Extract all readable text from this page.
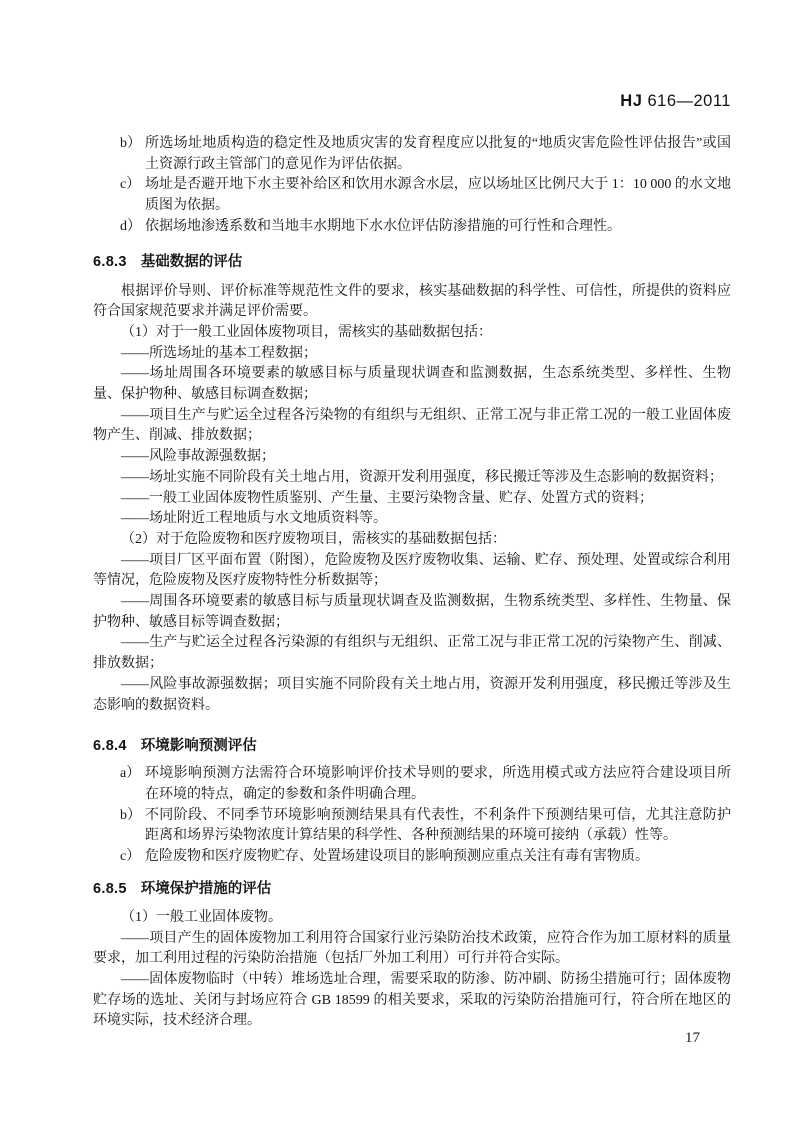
HJ 616—2011
b） 所选场址地质构造的稳定性及地质灾害的发育程度应以批复的“地质灾害危险性评估报告”或国土资源行政主管部门的意见作为评估依据。
c） 场址是否避开地下水主要补给区和饮用水源含水层，应以场址区比例尺大于 1：10 000 的水文地质图为依据。
d） 依据场地渗透系数和当地丰水期地下水水位评估防渗措施的可行性和合理性。
6.8.3 基础数据的评估

根据评价导则、评价标准等规范性文件的要求，核实基础数据的科学性、可信性，所提供的资料应符合国家规范要求并满足评价需要。

（1）对于一般工业固体废物项目，需核实的基础数据包括：

——所选场址的基本工程数据；

——场址周围各环境要素的敏感目标与质量现状调查和监测数据，生态系统类型、多样性、生物量、保护物种、敏感目标调查数据；

——项目生产与贮运全过程各污染物的有组织与无组织、正常工况与非正常工况的一般工业固体废物产生、削减、排放数据；

——风险事故源强数据；

——场址实施不同阶段有关土地占用，资源开发利用强度，移民搬迁等涉及生态影响的数据资料；

——一般工业固体废物性质鉴别、产生量、主要污染物含量、贮存、处置方式的资料；

——场址附近工程地质与水文地质资料等。

（2）对于危险废物和医疗废物项目，需核实的基础数据包括：

——项目厂区平面布置（附图），危险废物及医疗废物收集、运输、贮存、预处理、处置或综合利用等情况，危险废物及医疗废物特性分析数据等；

——周围各环境要素的敏感目标与质量现状调查及监测数据，生物系统类型、多样性、生物量、保护物种、敏感目标等调查数据；

——生产与贮运全过程各污染源的有组织与无组织、正常工况与非正常工况的污染物产生、削减、排放数据；

——风险事故源强数据；项目实施不同阶段有关土地占用，资源开发利用强度，移民搬迁等涉及生态影响的数据资料。

6.8.4 环境影响预测评估
a） 环境影响预测方法需符合环境影响评价技术导则的要求，所选用模式或方法应符合建设项目所在环境的特点，确定的参数和条件明确合理。
b） 不同阶段、不同季节环境影响预测结果具有代表性，不利条件下预测结果可信，尤其注意防护距离和场界污染物浓度计算结果的科学性、各种预测结果的环境可接纳（承载）性等。
c） 危险废物和医疗废物贮存、处置场建设项目的影响预测应重点关注有毒有害物质。
6.8.5 环境保护措施的评估

（1）一般工业固体废物。

——项目产生的固体废物加工利用符合国家行业污染防治技术政策，应符合作为加工原材料的质量要求，加工利用过程的污染防治措施（包括厂外加工利用）可行并符合实际。

——固体废物临时（中转）堆场选址合理，需要采取的防渗、防冲刷、防扬尘措施可行；固体废物贮存场的选址、关闭与封场应符合 GB 18599 的相关要求，采取的污染防治措施可行，符合所在地区的环境实际，技术经济合理。

17
